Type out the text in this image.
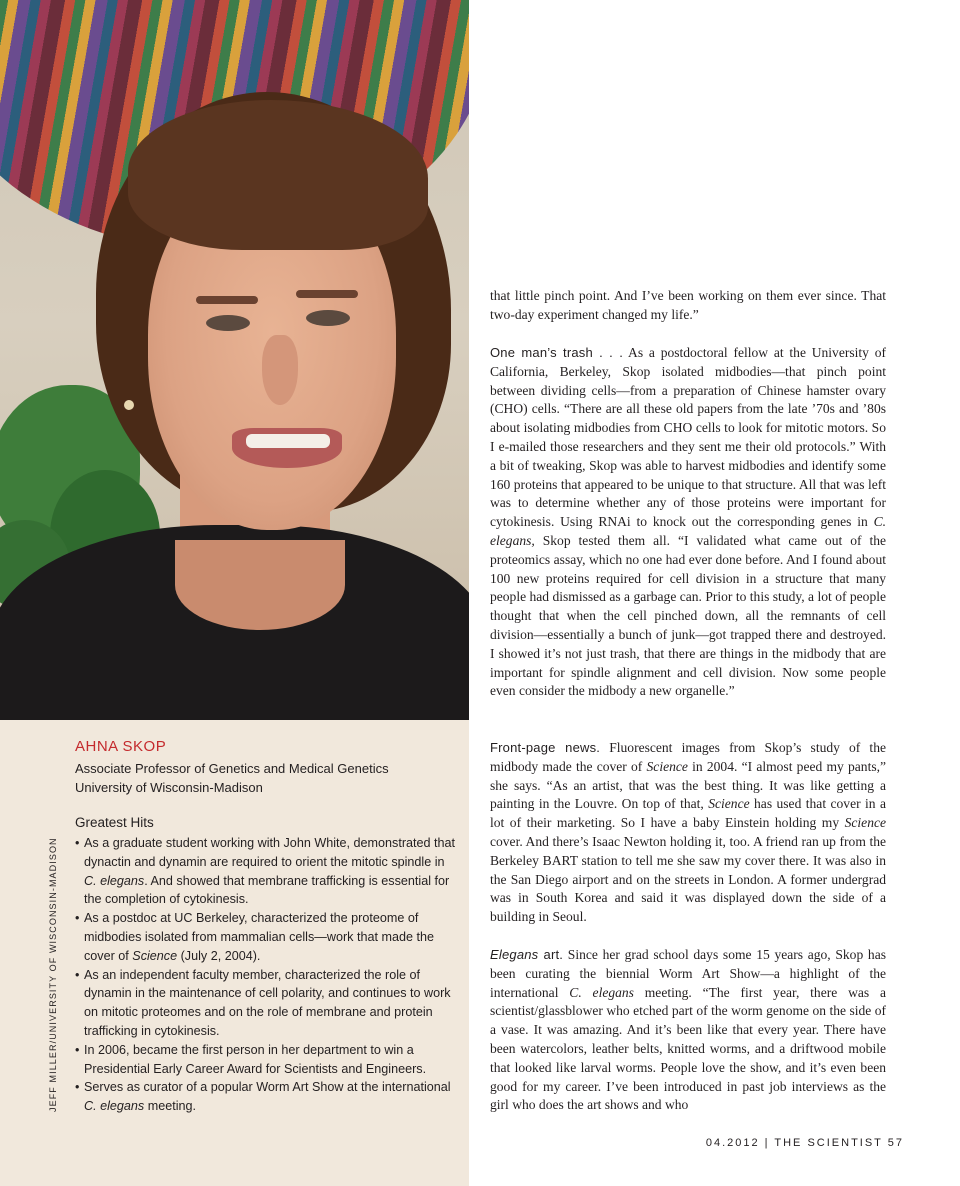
JEFF MILLER/UNIVERSITY OF WISCONSIN-MADISON
AHNA SKOP
Associate Professor of Genetics and Medical Genetics
University of Wisconsin-Madison
Greatest Hits
• As a graduate student working with John White, demonstrated that dynactin and dynamin are required to orient the mitotic spindle in C. elegans. And showed that membrane trafficking is essential for the completion of cytokinesis.
• As a postdoc at UC Berkeley, characterized the proteome of midbodies isolated from mammalian cells—work that made the cover of Science (July 2, 2004).
• As an independent faculty member, characterized the role of dynamin in the maintenance of cell polarity, and continues to work on mitotic proteomes and on the role of membrane and protein trafficking in cytokinesis.
• In 2006, became the first person in her department to win a Presidential Early Career Award for Scientists and Engineers.
• Serves as curator of a popular Worm Art Show at the international C. elegans meeting.

that little pinch point. And I’ve been working on them ever since. That two-day experiment changed my life.”

One man’s trash . . . As a postdoctoral fellow at the University of California, Berkeley, Skop isolated midbodies—that pinch point between dividing cells—from a preparation of Chinese hamster ovary (CHO) cells. “There are all these old papers from the late ’70s and ’80s about isolating midbodies from CHO cells to look for mitotic motors. So I e-mailed those researchers and they sent me their old protocols.” With a bit of tweaking, Skop was able to harvest midbodies and identify some 160 proteins that appeared to be unique to that structure. All that was left was to determine whether any of those proteins were important for cytokinesis. Using RNAi to knock out the corresponding genes in C. elegans, Skop tested them all. “I validated what came out of the proteomics assay, which no one had ever done before. And I found about 100 new proteins required for cell division in a structure that many people had dismissed as a garbage can. Prior to this study, a lot of people thought that when the cell pinched down, all the remnants of cell division—essentially a bunch of junk—got trapped there and destroyed. I showed it’s not just trash, that there are things in the midbody that are important for spindle alignment and cell division. Now some people even consider the midbody a new organelle.”

Front-page news. Fluorescent images from Skop’s study of the midbody made the cover of Science in 2004. “I almost peed my pants,” she says. “As an artist, that was the best thing. It was like getting a painting in the Louvre. On top of that, Science has used that cover in a lot of their marketing. So I have a baby Einstein holding my Science cover. And there’s Isaac Newton holding it, too. A friend ran up from the Berkeley BART station to tell me she saw my cover there. It was also in the San Diego airport and on the streets in London. A former undergrad was in South Korea and said it was displayed down the side of a building in Seoul.

Elegans art. Since her grad school days some 15 years ago, Skop has been curating the biennial Worm Art Show—a highlight of the international C. elegans meeting. “The first year, there was a scientist/glassblower who etched part of the worm genome on the side of a vase. It was amazing. And it’s been like that every year. There have been watercolors, leather belts, knitted worms, and a driftwood mobile that looked like larval worms. People love the show, and it’s even been good for my career. I’ve been introduced in past job interviews as the girl who does the art shows and who

04.2012 | THE SCIENTIST 57
